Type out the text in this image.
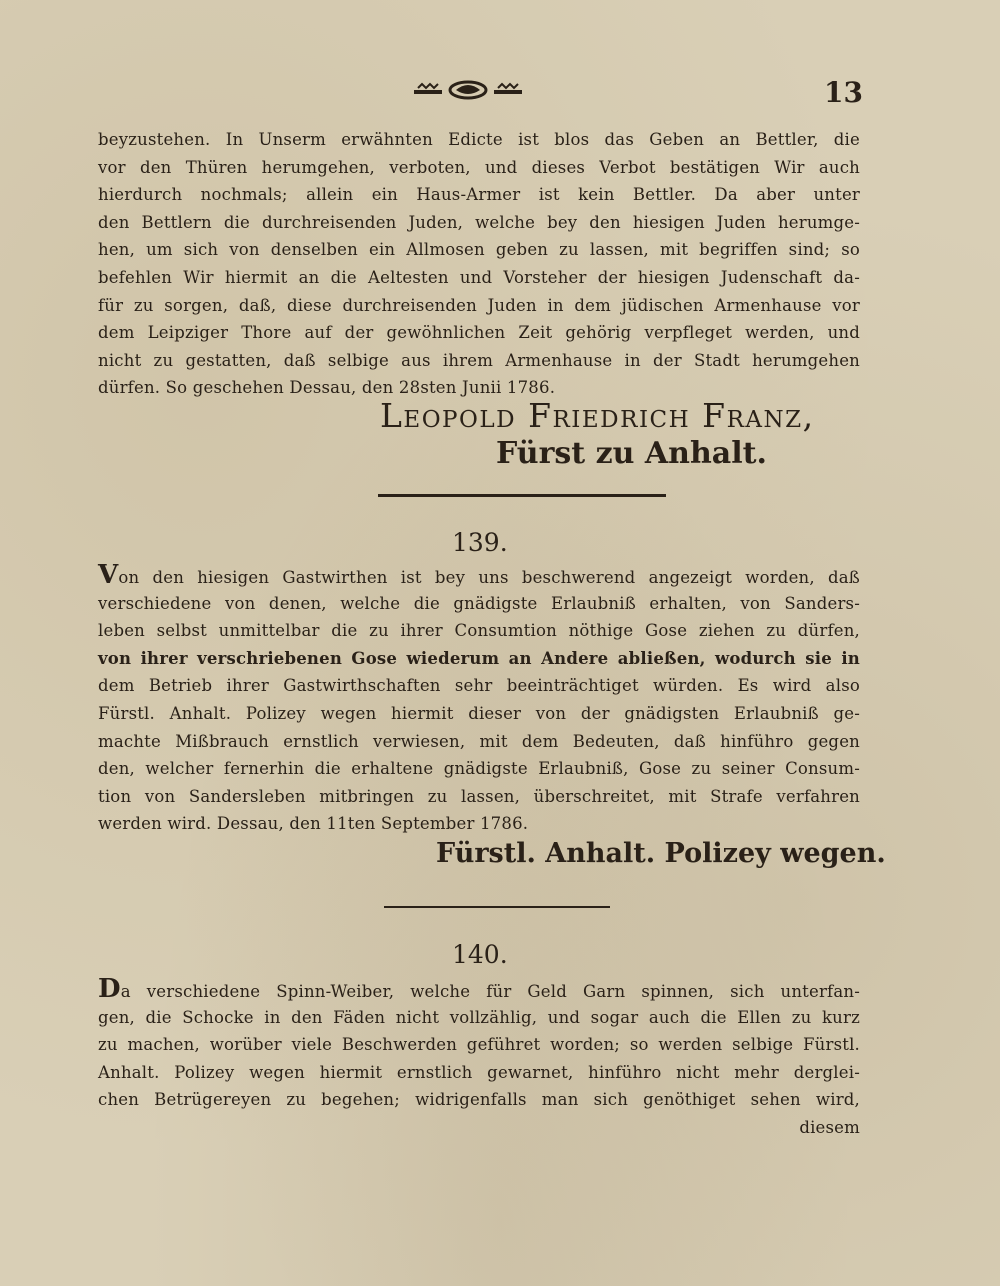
13
beyzustehen. In Unserm erwähnten Edicte ist blos das Geben an Bettler, die
vor den Thüren herumgehen, verboten, und dieses Verbot bestätigen Wir auch
hierdurch nochmals; allein ein Haus-Armer ist kein Bettler. Da aber unter
den Bettlern die durchreisenden Juden, welche bey den hiesigen Juden herumge-
hen, um sich von denselben ein Allmosen geben zu lassen, mit begriffen sind; so
befehlen Wir hiermit an die Aeltesten und Vorsteher der hiesigen Judenschaft da-
für zu sorgen, daß, diese durchreisenden Juden in dem jüdischen Armenhause vor
dem Leipziger Thore auf der gewöhnlichen Zeit gehörig verpfleget werden, und
nicht zu gestatten, daß selbige aus ihrem Armenhause in der Stadt herumgehen
dürfen. So geschehen Dessau, den 28sten Junii 1786.
Leopold Friedrich Franz,
Fürst zu Anhalt.
139.
Von den hiesigen Gastwirthen ist bey uns beschwerend angezeigt worden, daß
verschiedene von denen, welche die gnädigste Erlaubniß erhalten, von Sanders-
leben selbst unmittelbar die zu ihrer Consumtion nöthige Gose ziehen zu dürfen,
von ihrer verschriebenen Gose wiederum an Andere abließen, wodurch sie in
dem Betrieb ihrer Gastwirthschaften sehr beeinträchtiget würden. Es wird also
Fürstl. Anhalt. Polizey wegen hiermit dieser von der gnädigsten Erlaubniß ge-
machte Mißbrauch ernstlich verwiesen, mit dem Bedeuten, daß hinführo gegen
den, welcher fernerhin die erhaltene gnädigste Erlaubniß, Gose zu seiner Consum-
tion von Sandersleben mitbringen zu lassen, überschreitet, mit Strafe verfahren
werden wird. Dessau, den 11ten September 1786.
Fürstl. Anhalt. Polizey wegen.
140.
Da verschiedene Spinn-Weiber, welche für Geld Garn spinnen, sich unterfan-
gen, die Schocke in den Fäden nicht vollzählig, und sogar auch die Ellen zu kurz
zu machen, worüber viele Beschwerden geführet worden; so werden selbige Fürstl.
Anhalt. Polizey wegen hiermit ernstlich gewarnet, hinführo nicht mehr derglei-
chen Betrügereyen zu begehen; widrigenfalls man sich genöthiget sehen wird,
diesem
